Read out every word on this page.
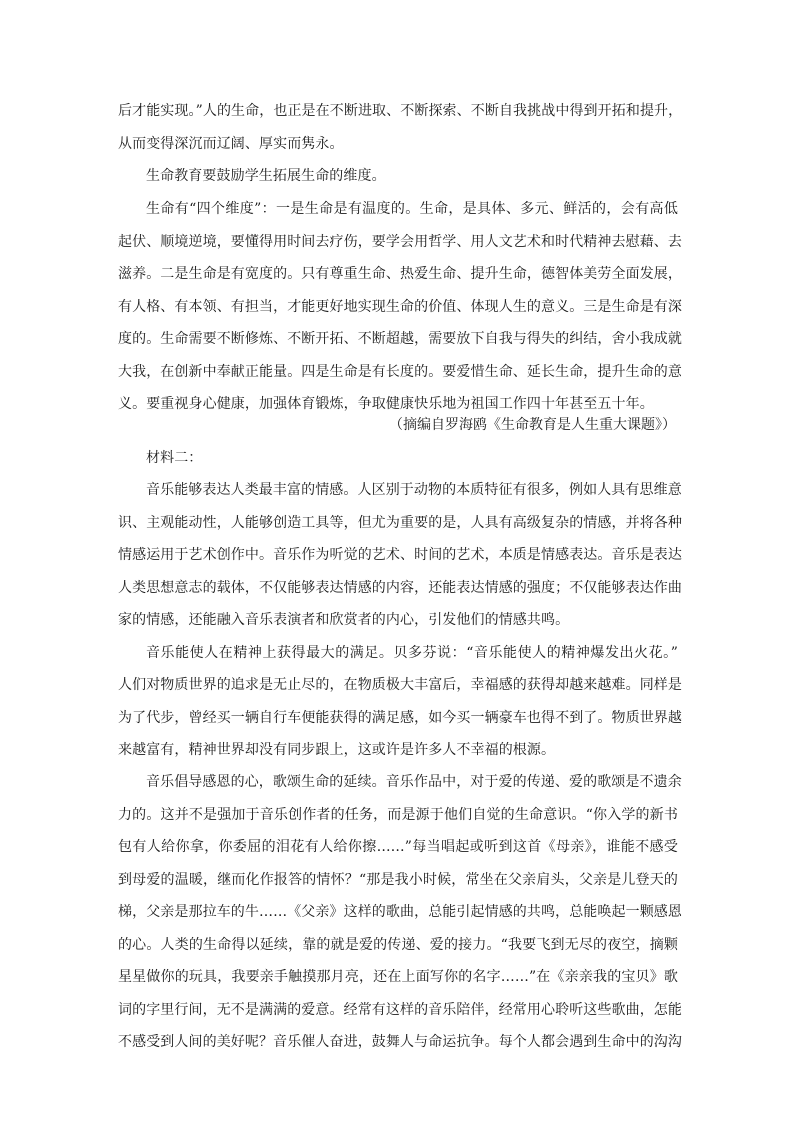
后才能实现。”人的生命，也正是在不断进取、不断探索、不断自我挑战中得到开拓和提升，
从而变得深沉而辽阔、厚实而隽永。
生命教育要鼓励学生拓展生命的维度。
生命有“四个维度”：一是生命是有温度的。生命，是具体、多元、鲜活的，会有高低
起伏、顺境逆境，要懂得用时间去疗伤，要学会用哲学、用人文艺术和时代精神去慰藉、去
滋养。二是生命是有宽度的。只有尊重生命、热爱生命、提升生命，德智体美劳全面发展，
有人格、有本领、有担当，才能更好地实现生命的价值、体现人生的意义。三是生命是有深
度的。生命需要不断修炼、不断开拓、不断超越，需要放下自我与得失的纠结，舍小我成就
大我，在创新中奉献正能量。四是生命是有长度的。要爱惜生命、延长生命，提升生命的意
义。要重视身心健康，加强体育锻炼，争取健康快乐地为祖国工作四十年甚至五十年。
（摘编自罗海鸥《生命教育是人生重大课题》）
材料二：
音乐能够表达人类最丰富的情感。人区别于动物的本质特征有很多，例如人具有思维意
识、主观能动性，人能够创造工具等，但尤为重要的是，人具有高级复杂的情感，并将各种
情感运用于艺术创作中。音乐作为听觉的艺术、时间的艺术，本质是情感表达。音乐是表达
人类思想意志的载体，不仅能够表达情感的内容，还能表达情感的强度；不仅能够表达作曲
家的情感，还能融入音乐表演者和欣赏者的内心，引发他们的情感共鸣。
音乐能使人在精神上获得最大的满足。贝多芬说：“音乐能使人的精神爆发出火花。”
人们对物质世界的追求是无止尽的，在物质极大丰富后，幸福感的获得却越来越难。同样是
为了代步，曾经买一辆自行车便能获得的满足感，如今买一辆豪车也得不到了。物质世界越
来越富有，精神世界却没有同步跟上，这或许是许多人不幸福的根源。
音乐倡导感恩的心，歌颂生命的延续。音乐作品中，对于爱的传递、爱的歌颂是不遗余
力的。这并不是强加于音乐创作者的任务，而是源于他们自觉的生命意识。“你入学的新书
包有人给你拿，你委屈的泪花有人给你擦……”每当唱起或听到这首《母亲》，谁能不感受
到母爱的温暖，继而化作报答的情怀？“那是我小时候，常坐在父亲肩头，父亲是儿登天的
梯，父亲是那拉车的牛……《父亲》这样的歌曲，总能引起情感的共鸣，总能唤起一颗感恩
的心。人类的生命得以延续，靠的就是爱的传递、爱的接力。“我要飞到无尽的夜空，摘颗
星星做你的玩具，我要亲手触摸那月亮，还在上面写你的名字……”在《亲亲我的宝贝》歌
词的字里行间，无不是满满的爱意。经常有这样的音乐陪伴，经常用心聆听这些歌曲，怎能
不感受到人间的美好呢？音乐催人奋进，鼓舞人与命运抗争。每个人都会遇到生命中的沟沟
